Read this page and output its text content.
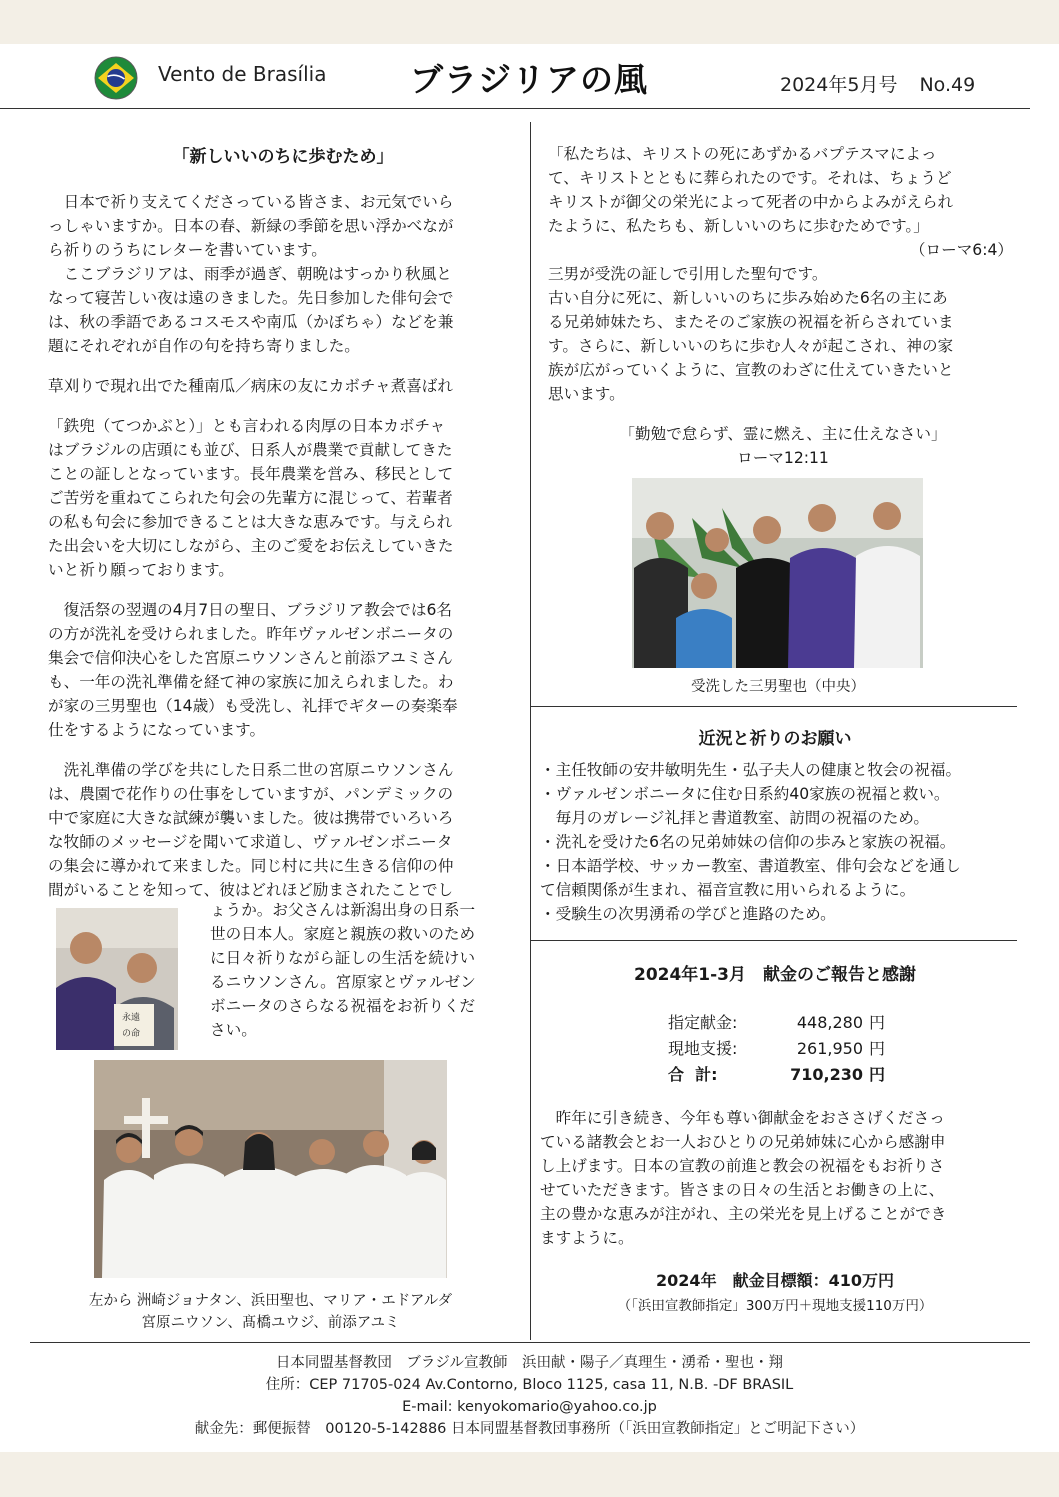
Vento de Brasília	ブラジリアの風	2024年5月号 No.49
「新しいいのちに歩むため」

　日本で祈り支えてくださっている皆さま、お元気でいら
っしゃいますか。日本の春、新緑の季節を思い浮かべなが
ら祈りのうちにレターを書いています。
　ここブラジリアは、雨季が過ぎ、朝晩はすっかり秋風と
なって寝苦しい夜は遠のきました。先日参加した俳句会で
は、秋の季語であるコスモスや南瓜（かぼちゃ）などを兼
題にそれぞれが自作の句を持ち寄りました。

草刈りで現れ出でた種南瓜／病床の友にカボチャ煮喜ばれ

「鉄兜（てつかぶと）」とも言われる肉厚の日本カボチャ
はブラジルの店頭にも並び、日系人が農業で貢献してきた
ことの証しとなっています。長年農業を営み、移民として
ご苦労を重ねてこられた句会の先輩方に混じって、若輩者
の私も句会に参加できることは大きな恵みです。与えられ
た出会いを大切にしながら、主のご愛をお伝えしていきた
いと祈り願っております。

　復活祭の翌週の4月7日の聖日、ブラジリア教会では6名
の方が洗礼を受けられました。昨年ヴァルゼンボニータの
集会で信仰決心をした宮原ニウソンさんと前添アユミさん
も、一年の洗礼準備を経て神の家族に加えられました。わ
が家の三男聖也（14歳）も受洗し、礼拝でギターの奏楽奉
仕をするようになっています。

　洗礼準備の学びを共にした日系二世の宮原ニウソンさん
は、農園で花作りの仕事をしていますが、パンデミックの
中で家庭に大きな試練が襲いました。彼は携帯でいろいろ
な牧師のメッセージを聞いて求道し、ヴァルゼンボニータ
の集会に導かれて来ました。同じ村に共に生きる信仰の仲
間がいることを知って、彼はどれほど励まされたことでし

永遠
の命

ょうか。お父さんは新潟出身の日系一
世の日本人。家庭と親族の救いのため
に日々祈りながら証しの生活を続けい
るニウソンさん。宮原家とヴァルゼン
ボニータのさらなる祝福をお祈りくだ
さい。

左から 洲崎ジョナタン、浜田聖也、マリア・エドアルダ
宮原ニウソン、髙橋ユウジ、前添アユミ

「私たちは、キリストの死にあずかるバプテスマによっ
て、キリストとともに葬られたのです。それは、ちょうど
キリストが御父の栄光によって死者の中からよみがえられ
たように、私たちも、新しいいのちに歩むためです。」

（ローマ6:4）

三男が受洗の証しで引用した聖句です。
古い自分に死に、新しいいのちに歩み始めた6名の主にあ
る兄弟姉妹たち、またそのご家族の祝福を祈らされていま
す。さらに、新しいいのちに歩む人々が起こされ、神の家
族が広がっていくように、宣教のわざに仕えていきたいと
思います。

「勤勉で怠らず、霊に燃え、主に仕えなさい」

ローマ12:11

受洗した三男聖也（中央）
近況と祈りのお願い

・主任牧師の安井敏明先生・弘子夫人の健康と牧会の祝福。

・ヴァルゼンボニータに住む日系約40家族の祝福と救い。
　毎月のガレージ礼拝と書道教室、訪問の祝福のため。

・洗礼を受けた6名の兄弟姉妹の信仰の歩みと家族の祝福。

・日本語学校、サッカー教室、書道教室、俳句会などを通し
て信頼関係が生まれ、福音宣教に用いられるように。

・受験生の次男湧希の学びと進路のため。

2024年1-3月　献金のご報告と感謝
指定献金:	448,280 円
現地支援:	261,950 円
合  計:	710,230 円

　昨年に引き続き、今年も尊い御献金をおささげくださっ
ている諸教会とお一人おひとりの兄弟姉妹に心から感謝申
し上げます。日本の宣教の前進と教会の祝福をもお祈りさ
せていただきます。皆さまの日々の生活とお働きの上に、
主の豊かな恵みが注がれ、主の栄光を見上げることができ
ますように。

2024年　献金目標額：410万円
（「浜田宣教師指定」300万円＋現地支援110万円）
日本同盟基督教団　ブラジル宣教師　浜田献・陽子／真理生・湧希・聖也・翔
住所：CEP 71705-024 Av.Contorno, Bloco 1125, casa 11, N.B. -DF BRASIL
E-mail: kenyokomario@yahoo.co.jp
献金先：郵便振替　00120-5-142886 日本同盟基督教団事務所（「浜田宣教師指定」とご明記下さい）
